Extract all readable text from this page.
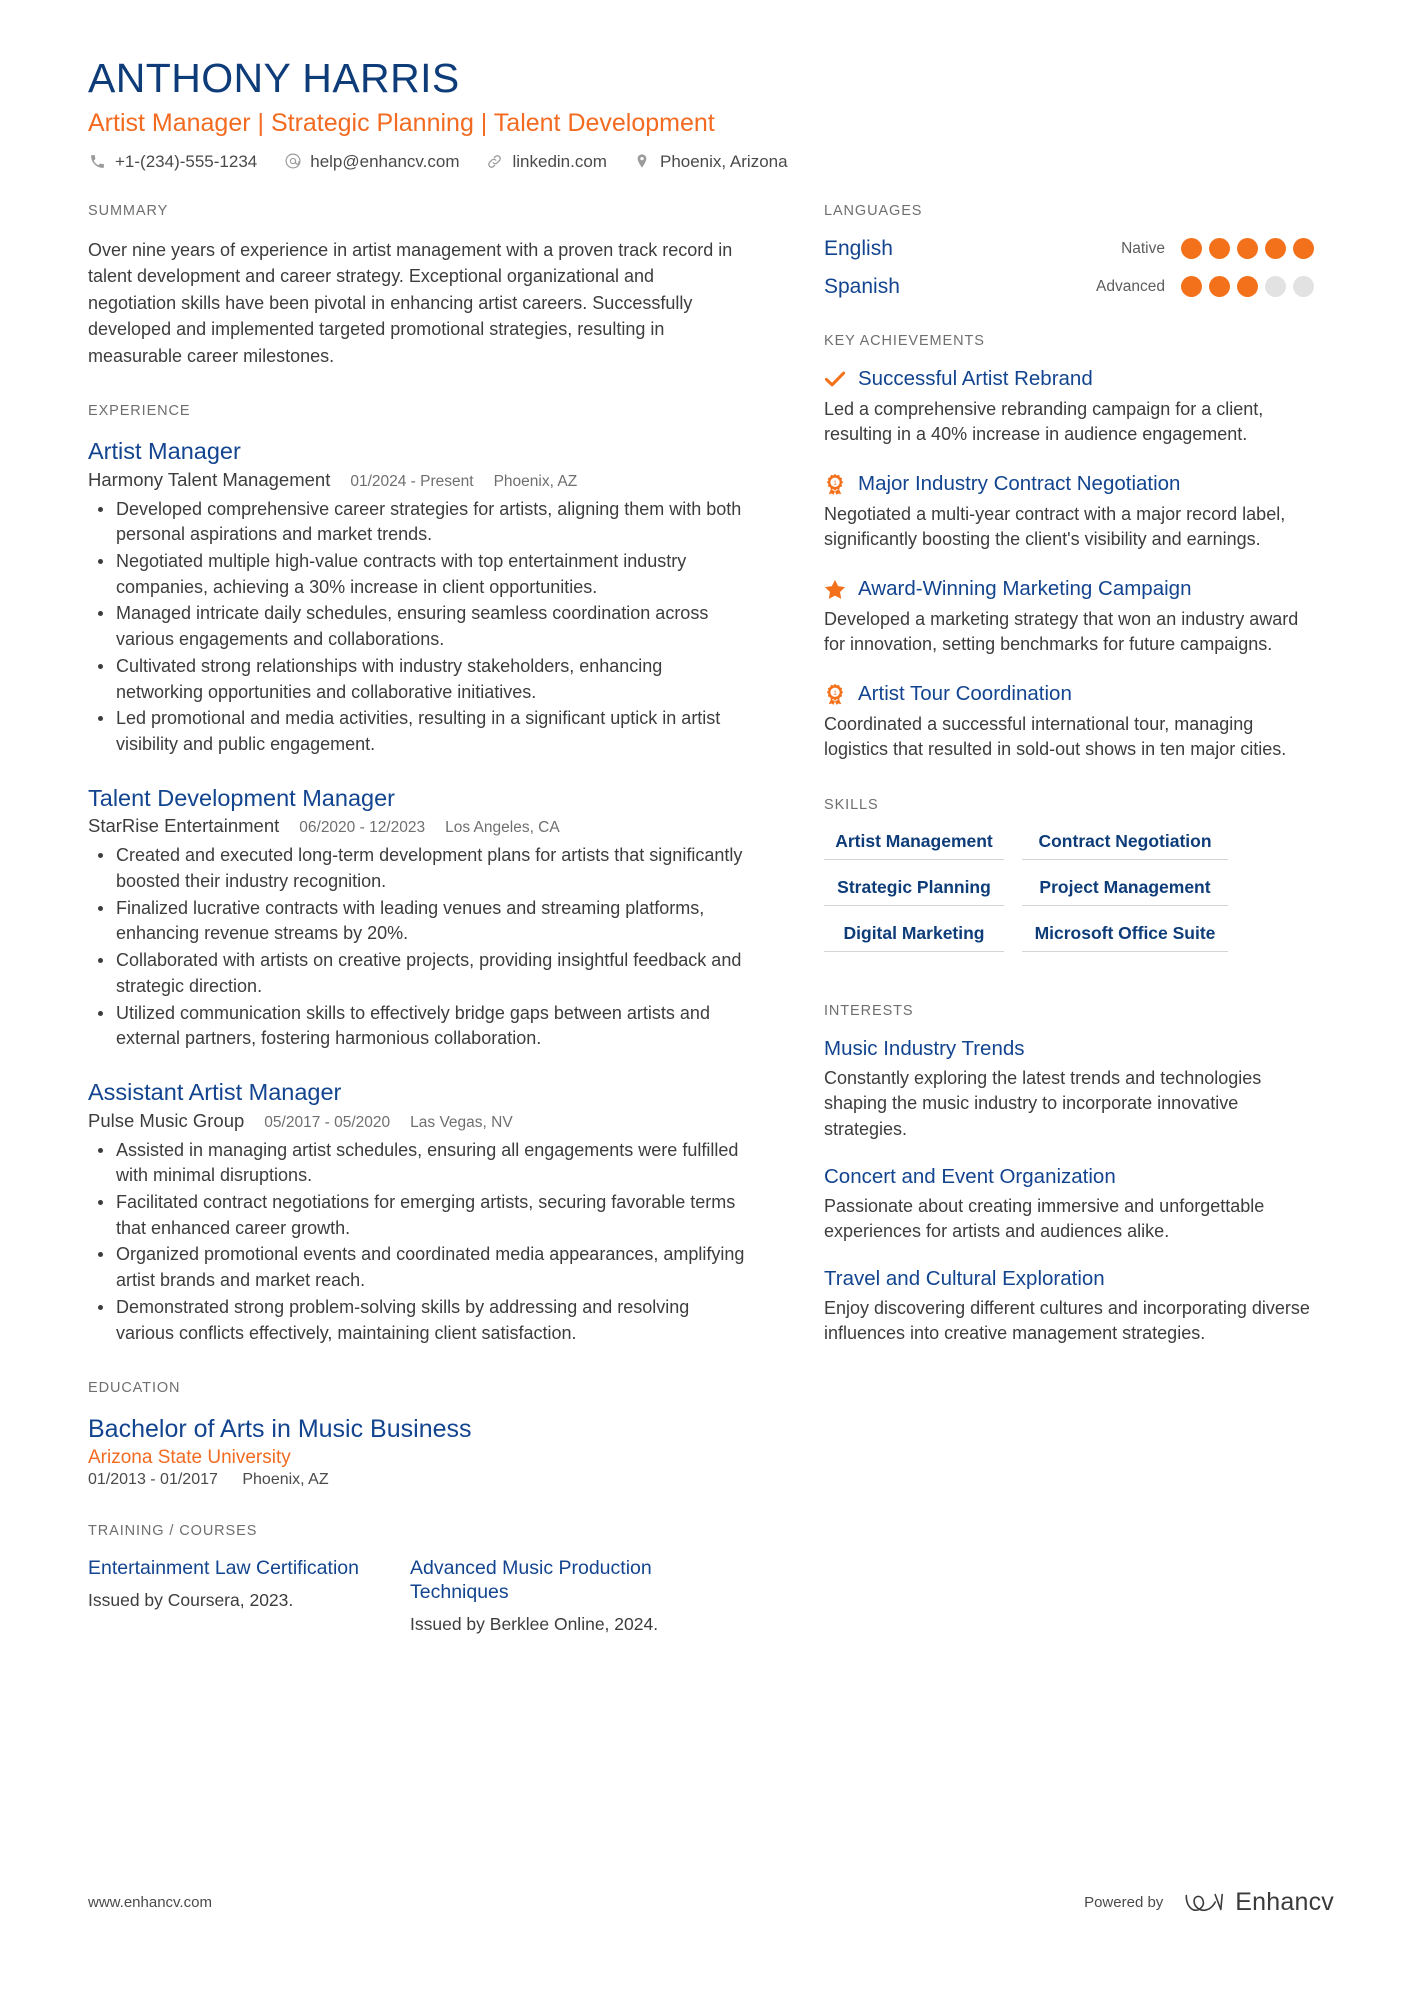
ANTHONY HARRIS
Artist Manager | Strategic Planning | Talent Development
+1-(234)-555-1234	help@enhancv.com	linkedin.com	Phoenix, Arizona
SUMMARY
Over nine years of experience in artist management with a proven track record in talent development and career strategy. Exceptional organizational and negotiation skills have been pivotal in enhancing artist careers. Successfully developed and implemented targeted promotional strategies, resulting in measurable career milestones.
EXPERIENCE
Artist Manager
Harmony Talent Management 01/2024 - Present Phoenix, AZ
Developed comprehensive career strategies for artists, aligning them with both personal aspirations and market trends.
Negotiated multiple high-value contracts with top entertainment industry companies, achieving a 30% increase in client opportunities.
Managed intricate daily schedules, ensuring seamless coordination across various engagements and collaborations.
Cultivated strong relationships with industry stakeholders, enhancing networking opportunities and collaborative initiatives.
Led promotional and media activities, resulting in a significant uptick in artist visibility and public engagement.
Talent Development Manager
StarRise Entertainment 06/2020 - 12/2023 Los Angeles, CA
Created and executed long-term development plans for artists that significantly boosted their industry recognition.
Finalized lucrative contracts with leading venues and streaming platforms, enhancing revenue streams by 20%.
Collaborated with artists on creative projects, providing insightful feedback and strategic direction.
Utilized communication skills to effectively bridge gaps between artists and external partners, fostering harmonious collaboration.
Assistant Artist Manager
Pulse Music Group 05/2017 - 05/2020 Las Vegas, NV
Assisted in managing artist schedules, ensuring all engagements were fulfilled with minimal disruptions.
Facilitated contract negotiations for emerging artists, securing favorable terms that enhanced career growth.
Organized promotional events and coordinated media appearances, amplifying artist brands and market reach.
Demonstrated strong problem-solving skills by addressing and resolving various conflicts effectively, maintaining client satisfaction.
EDUCATION
Bachelor of Arts in Music Business
Arizona State University
01/2013 - 01/2017 Phoenix, AZ
TRAINING / COURSES
Entertainment Law Certification
Issued by Coursera, 2023.
Advanced Music Production Techniques
Issued by Berklee Online, 2024.
LANGUAGES
English	Native
Spanish	Advanced
KEY ACHIEVEMENTS
Successful Artist Rebrand
Led a comprehensive rebranding campaign for a client, resulting in a 40% increase in audience engagement.
1 Major Industry Contract Negotiation
Negotiated a multi-year contract with a major record label, significantly boosting the client's visibility and earnings.
Award-Winning Marketing Campaign
Developed a marketing strategy that won an industry award for innovation, setting benchmarks for future campaigns.
1 Artist Tour Coordination
Coordinated a successful international tour, managing logistics that resulted in sold-out shows in ten major cities.
SKILLS
Artist Management	Contract Negotiation
Strategic Planning	Project Management
Digital Marketing	Microsoft Office Suite
INTERESTS
Music Industry Trends
Constantly exploring the latest trends and technologies shaping the music industry to incorporate innovative strategies.
Concert and Event Organization
Passionate about creating immersive and unforgettable experiences for artists and audiences alike.
Travel and Cultural Exploration
Enjoy discovering different cultures and incorporating diverse influences into creative management strategies.
www.enhancv.com	Powered by	Enhancv
